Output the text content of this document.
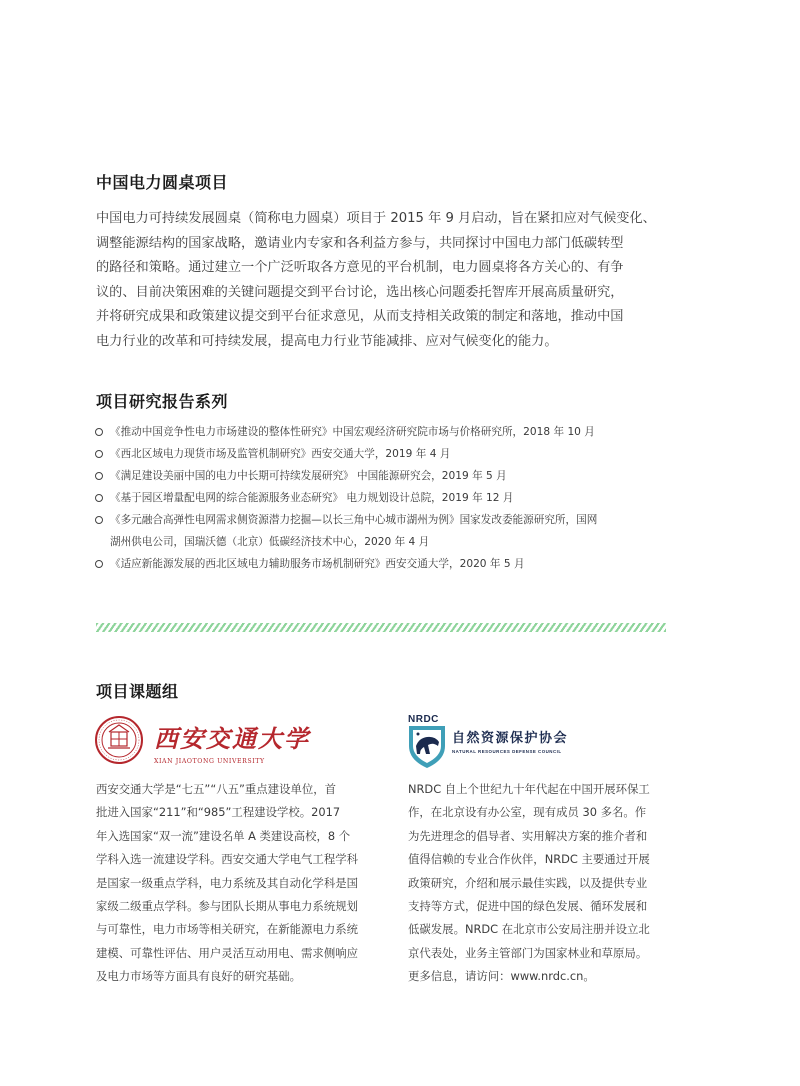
中国电力圆桌项目
中国电力可持续发展圆桌（简称电力圆桌）项目于 2015 年 9 月启动，旨在紧扣应对气候变化、
调整能源结构的国家战略，邀请业内专家和各利益方参与，共同探讨中国电力部门低碳转型
的路径和策略。通过建立一个广泛听取各方意见的平台机制，电力圆桌将各方关心的、有争
议的、目前决策困难的关键问题提交到平台讨论，选出核心问题委托智库开展高质量研究，
并将研究成果和政策建议提交到平台征求意见，从而支持相关政策的制定和落地，推动中国
电力行业的改革和可持续发展，提高电力行业节能减排、应对气候变化的能力。
项目研究报告系列
《推动中国竞争性电力市场建设的整体性研究》中国宏观经济研究院市场与价格研究所，2018 年 10 月
《西北区域电力现货市场及监管机制研究》西安交通大学，2019 年 4 月
《满足建设美丽中国的电力中长期可持续发展研究》 中国能源研究会，2019 年 5 月
《基于园区增量配电网的综合能源服务业态研究》 电力规划设计总院，2019 年 12 月
《多元融合高弹性电网需求侧资源潜力挖掘—以长三角中心城市湖州为例》国家发改委能源研究所，国网
湖州供电公司，国瑞沃德（北京）低碳经济技术中心，2020 年 4 月
《适应新能源发展的西北区域电力辅助服务市场机制研究》西安交通大学，2020 年 5 月
项目课题组
西安交通大学
XIAN JIAOTONG UNIVERSITY
NRDC
自然资源保护协会
NATURAL RESOURCES DEFENSE COUNCIL
西安交通大学是“七五”“八五”重点建设单位，首
批进入国家“211”和“985”工程建设学校。2017
年入选国家“双一流”建设名单 A 类建设高校，8 个
学科入选一流建设学科。西安交通大学电气工程学科
是国家一级重点学科，电力系统及其自动化学科是国
家级二级重点学科。参与团队长期从事电力系统规划
与可靠性，电力市场等相关研究，在新能源电力系统
建模、可靠性评估、用户灵活互动用电、需求侧响应
及电力市场等方面具有良好的研究基础。
NRDC 自上个世纪九十年代起在中国开展环保工
作，在北京设有办公室，现有成员 30 多名。作
为先进理念的倡导者、实用解决方案的推介者和
值得信赖的专业合作伙伴，NRDC 主要通过开展
政策研究，介绍和展示最佳实践，以及提供专业
支持等方式，促进中国的绿色发展、循环发展和
低碳发展。NRDC 在北京市公安局注册并设立北
京代表处，业务主管部门为国家林业和草原局。
更多信息，请访问：www.nrdc.cn。
